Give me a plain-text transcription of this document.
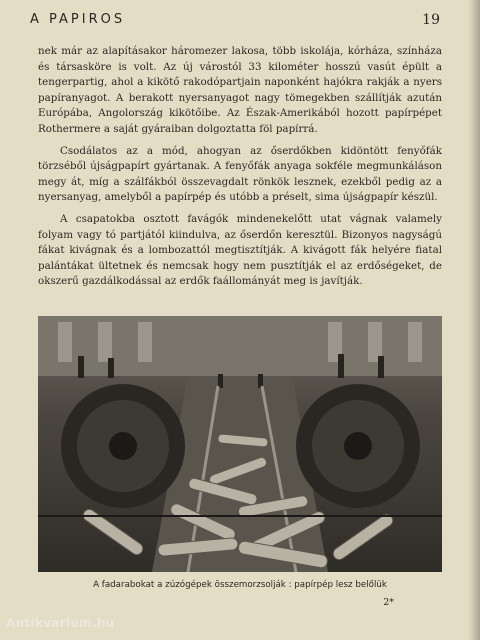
A PAPIROS	19

nek már az alapításakor háromezer lakosa, több iskolája, kórháza, színháza és társasköre is volt. Az új várostól 33 kilométer hosszú vasút épült a tengerpartig, ahol a kikötő rakodópartjain naponként hajókra rakják a nyers papíranyagot. A berakott nyersanyagot nagy tömegekben szállítják azután Európába, Angolország kikötőibe. Az Észak-Amerikából hozott papírpépet Rothermere a saját gyáraiban dolgoztatta föl papírrá.

Csodálatos az a mód, ahogyan az őserdőkben kidöntött fenyőfák törzséből újságpapírt gyártanak. A fenyőfák anyaga sokféle megmunkáláson megy át, míg a szálfákból összevagdalt rönkök lesznek, ezekből pedig az a nyersanyag, amelyből a papírpép és utóbb a préselt, sima újságpapír készül.

A csapatokba osztott favágók mindenekelőtt utat vágnak valamely folyam vagy tó partjától kiindulva, az őserdőn keresztül. Bizonyos nagyságú fákat kivágnak és a lombozattól megtisztítják. A kivágott fák helyére fiatal palántákat ültetnek és nemcsak hogy nem pusztítják el az erdőségeket, de okszerű gazdálkodással az erdők faállományát meg is javítják.

A fadarabokat a zúzógépek összemorzsolják : papírpép lesz belőlük
2*
Antikvarium.hu
